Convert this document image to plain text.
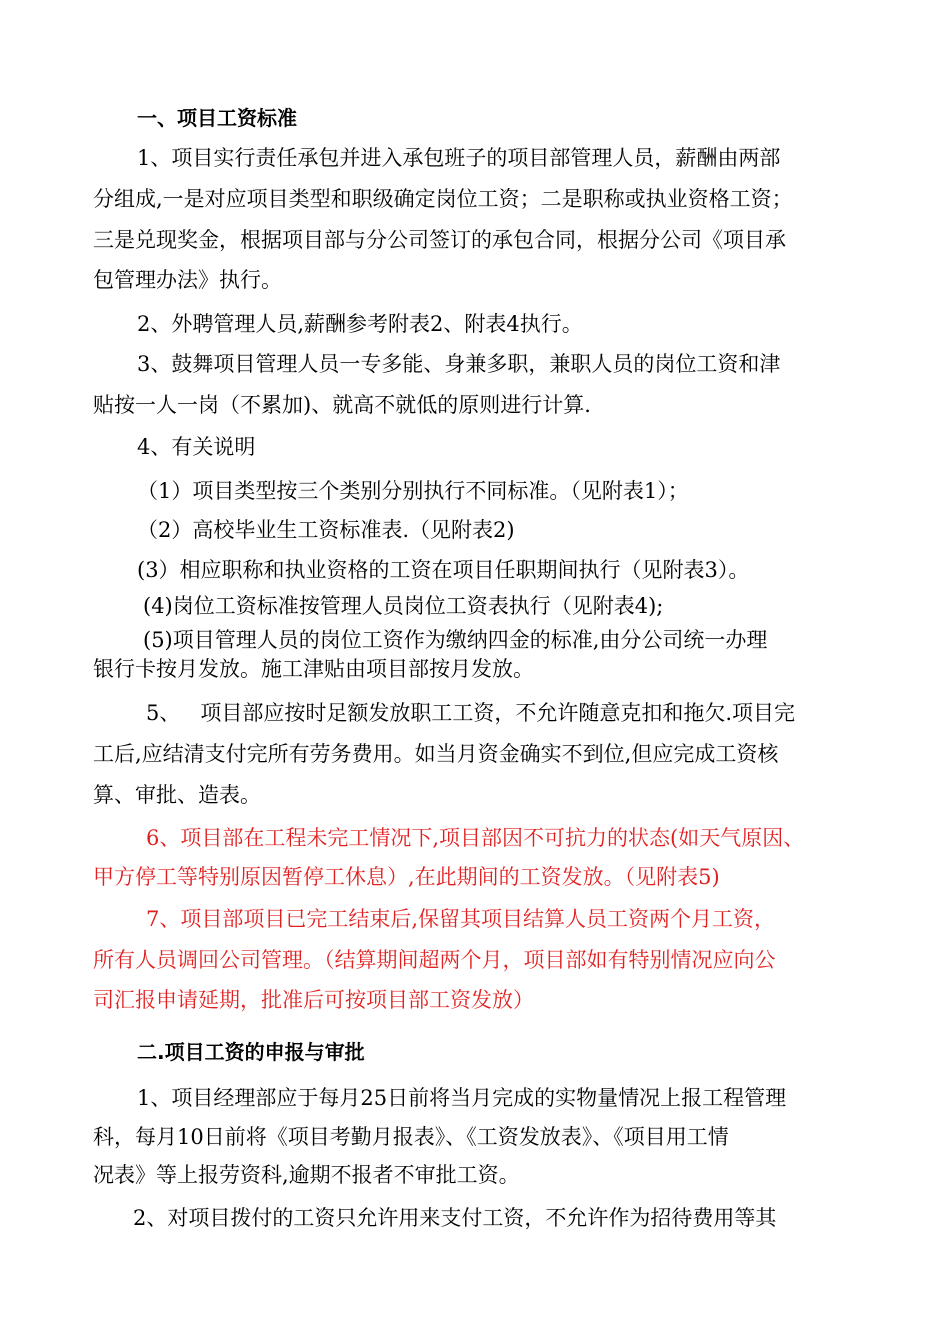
一、项目工资标准
1、项目实行责任承包并进入承包班子的项目部管理人员，薪酬由两部
分组成,一是对应项目类型和职级确定岗位工资；二是职称或执业资格工资；
三是兑现奖金，根据项目部与分公司签订的承包合同，根据分公司《项目承
包管理办法》执行。
2、外聘管理人员,薪酬参考附表2、附表4执行。
3、鼓舞项目管理人员一专多能、身兼多职，兼职人员的岗位工资和津
贴按一人一岗（不累加)、就高不就低的原则进行计算.
4、有关说明
（1）项目类型按三个类别分别执行不同标准。（见附表1）；
（2）高校毕业生工资标准表.（见附表2)
(3）相应职称和执业资格的工资在项目任职期间执行（见附表3）。
(4)岗位工资标准按管理人员岗位工资表执行（见附表4);
(5)项目管理人员的岗位工资作为缴纳四金的标准,由分公司统一办理
银行卡按月发放。施工津贴由项目部按月发放。
5、   项目部应按时足额发放职工工资，不允许随意克扣和拖欠.项目完
工后,应结清支付完所有劳务费用。如当月资金确实不到位,但应完成工资核
算、审批、造表。
6、项目部在工程未完工情况下,项目部因不可抗力的状态(如天气原因、
甲方停工等特别原因暂停工休息）,在此期间的工资发放。（见附表5)
7、项目部项目已完工结束后,保留其项目结算人员工资两个月工资，
所有人员调回公司管理。（结算期间超两个月，项目部如有特别情况应向公
司汇报申请延期，批准后可按项目部工资发放）
二.项目工资的申报与审批
1、项目经理部应于每月25日前将当月完成的实物量情况上报工程管理
科，每月10日前将《项目考勤月报表》、《工资发放表》、《项目用工情
况表》等上报劳资科,逾期不报者不审批工资。
2、对项目拨付的工资只允许用来支付工资，不允许作为招待费用等其
